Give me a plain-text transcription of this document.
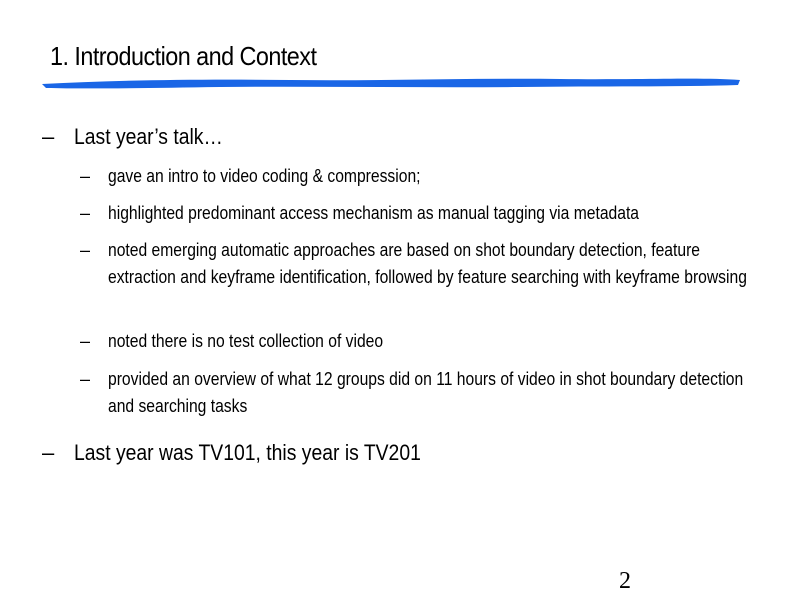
1. Introduction and Context
– Last year’s talk…
– gave an intro to video coding & compression;
– highlighted predominant access mechanism as manual tagging via metadata
– noted emerging automatic approaches are based on shot boundary detection, feature extraction and keyframe identification, followed by feature searching with keyframe browsing
– noted there is no test collection of video
– provided an overview of what 12 groups did on 11 hours of video in shot boundary detection and searching tasks
– Last year was TV101, this year is TV201
2
